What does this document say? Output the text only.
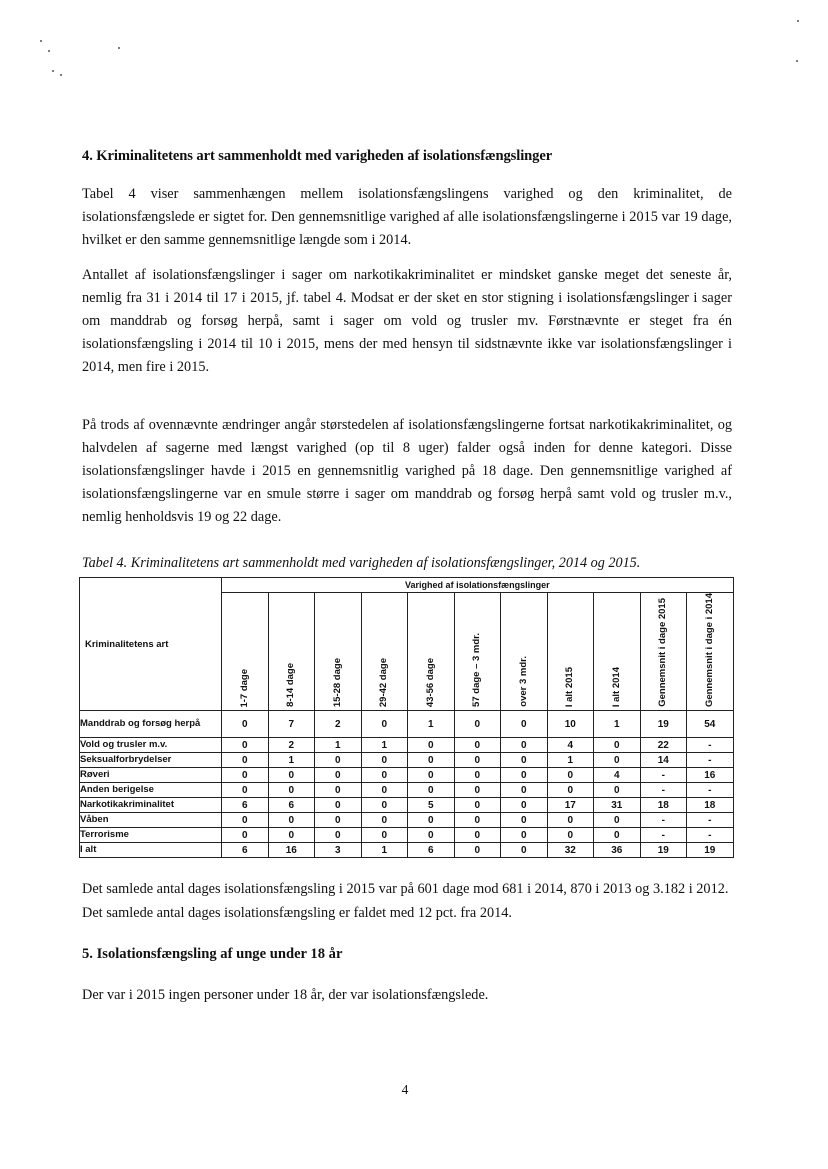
4. Kriminalitetens art sammenholdt med varigheden af isolationsfængslinger

Tabel 4 viser sammenhængen mellem isolationsfængslingens varighed og den kriminalitet, de isolationsfængslede er sigtet for. Den gennemsnitlige varighed af alle isolationsfængslingerne i 2015 var 19 dage, hvilket er den samme gennemsnitlige længde som i 2014.

Antallet af isolationsfængslinger i sager om narkotikakriminalitet er mindsket ganske meget det seneste år, nemlig fra 31 i 2014 til 17 i 2015, jf. tabel 4. Modsat er der sket en stor stigning i isolationsfængslinger i sager om manddrab og forsøg herpå, samt i sager om vold og trusler mv. Førstnævnte er steget fra én isolationsfængsling i 2014 til 10 i 2015, mens der med hensyn til sidstnævnte ikke var isolationsfængslinger i 2014, men fire i 2015.

På trods af ovennævnte ændringer angår størstedelen af isolationsfængslingerne fortsat narkotikakriminalitet, og halvdelen af sagerne med længst varighed (op til 8 uger) falder også inden for denne kategori. Disse isolationsfængslinger havde i 2015 en gennemsnitlig varighed på 18 dage. Den gennemsnitlige varighed af isolationsfængslingerne var en smule større i sager om manddrab og forsøg herpå samt vold og trusler m.v., nemlig henholdsvis 19 og 22 dage.

Tabel 4. Kriminalitetens art sammenholdt med varigheden af isolationsfængslinger, 2014 og 2015.
Kriminalitetens art	Varighed af isolationsfængslinger										
	1-7 dage	8-14 dage	15-28 dage	29-42 dage	43-56 dage	57 dage – 3 mdr.	over 3 mdr.	I alt 2015	I alt 2014	Gennemsnit i dage 2015	Gennemsnit i dage i 2014
Manddrab og forsøg herpå	0	7	2	0	1	0	0	10	1	19	54
Vold og trusler m.v.	0	2	1	1	0	0	0	4	0	22	-
Seksualforbrydelser	0	1	0	0	0	0	0	1	0	14	-
Røveri	0	0	0	0	0	0	0	0	4	-	16
Anden berigelse	0	0	0	0	0	0	0	0	0	-	-
Narkotikakriminalitet	6	6	0	0	5	0	0	17	31	18	18
Våben	0	0	0	0	0	0	0	0	0	-	-
Terrorisme	0	0	0	0	0	0	0	0	0	-	-
I alt	6	16	3	1	6	0	0	32	36	19	19

Det samlede antal dages isolationsfængsling i 2015 var på 601 dage mod 681 i 2014, 870 i 2013 og 3.182 i 2012. Det samlede antal dages isolationsfængsling er faldet med 12 pct. fra 2014.

5. Isolationsfængsling af unge under 18 år

Der var i 2015 ingen personer under 18 år, der var isolationsfængslede.

4
